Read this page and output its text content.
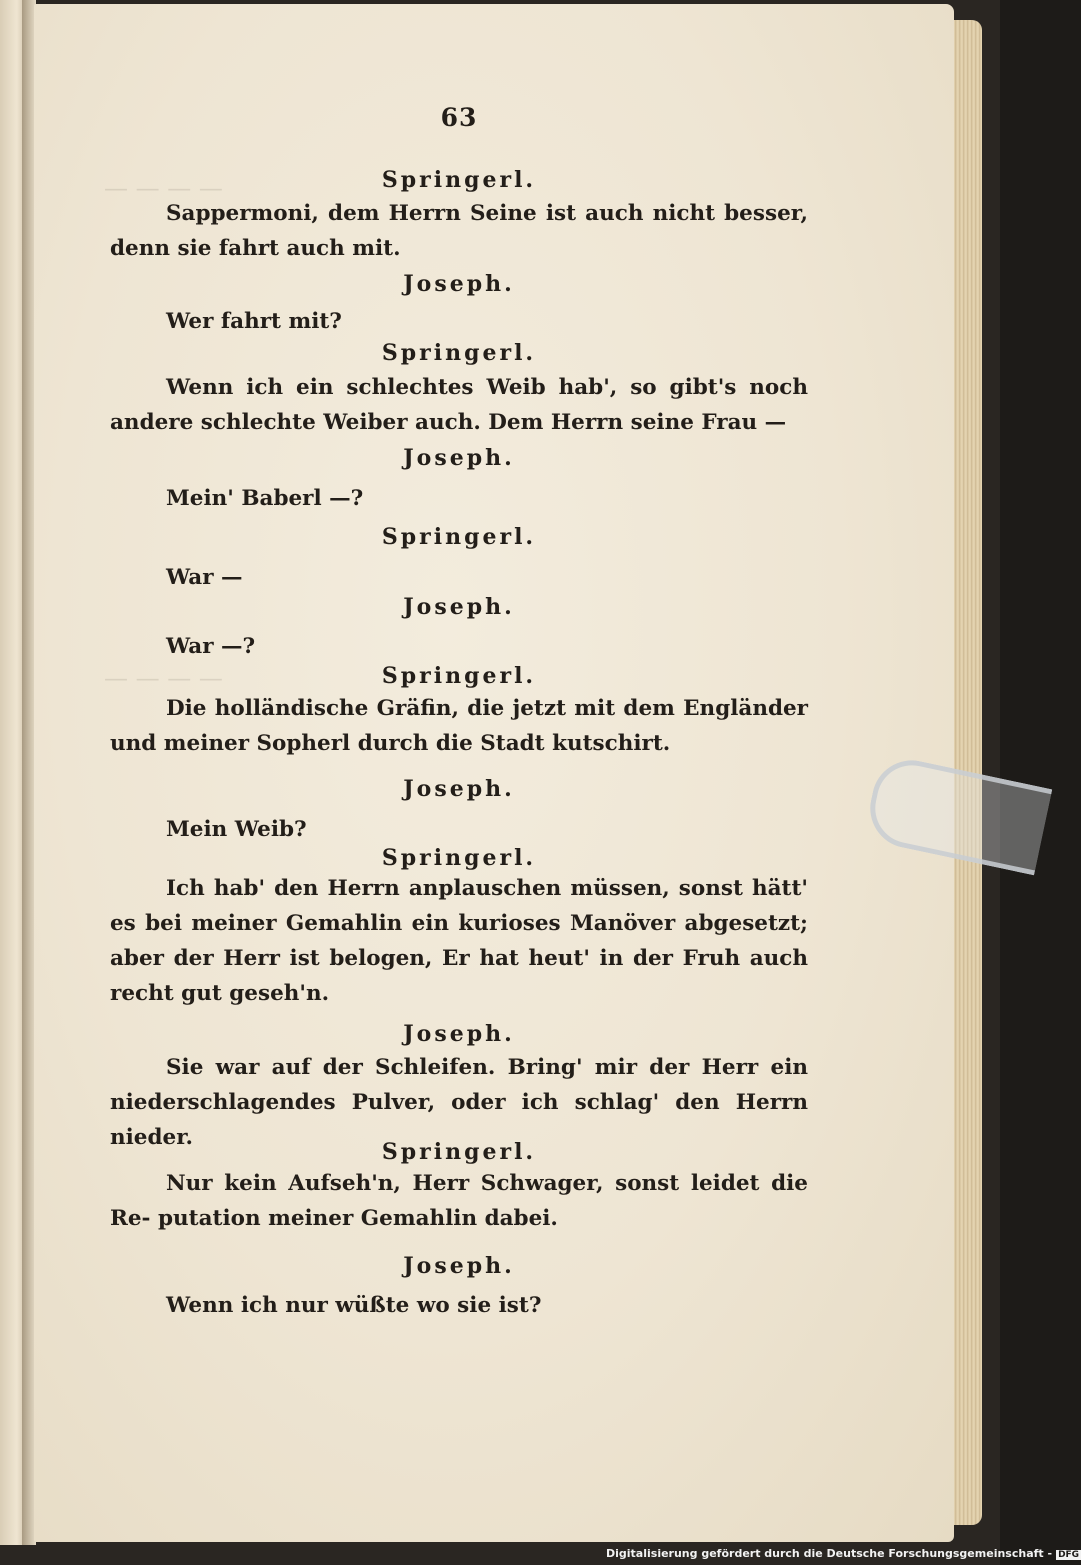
— — — —
— — — —
63
Springerl.
Sappermoni, dem Herrn Seine ist auch nicht besser, denn sie fahrt auch mit.
Joseph.
Wer fahrt mit?
Springerl.
Wenn ich ein schlechtes Weib hab', so gibt's noch andere schlechte Weiber auch. Dem Herrn seine Frau —
Joseph.
Mein' Baberl —?
Springerl.
War —
Joseph.
War —?
Springerl.
Die holländische Gräfin, die jetzt mit dem Engländer und meiner Sopherl durch die Stadt kutschirt.
Joseph.
Mein Weib?
Springerl.
Ich hab' den Herrn anplauschen müssen, sonst hätt' es bei meiner Gemahlin ein kurioses Manöver abgesetzt; aber der Herr ist belogen, Er hat heut' in der Fruh auch recht gut geseh'n.
Joseph.
Sie war auf der Schleifen. Bring' mir der Herr ein niederschlagendes Pulver, oder ich schlag' den Herrn nieder.
Springerl.
Nur kein Aufseh'n, Herr Schwager, sonst leidet die Re- putation meiner Gemahlin dabei.
Joseph.
Wenn ich nur wüßte wo sie ist?
Digitalisierung gefördert durch die Deutsche Forschungsgemeinschaft - DFG
